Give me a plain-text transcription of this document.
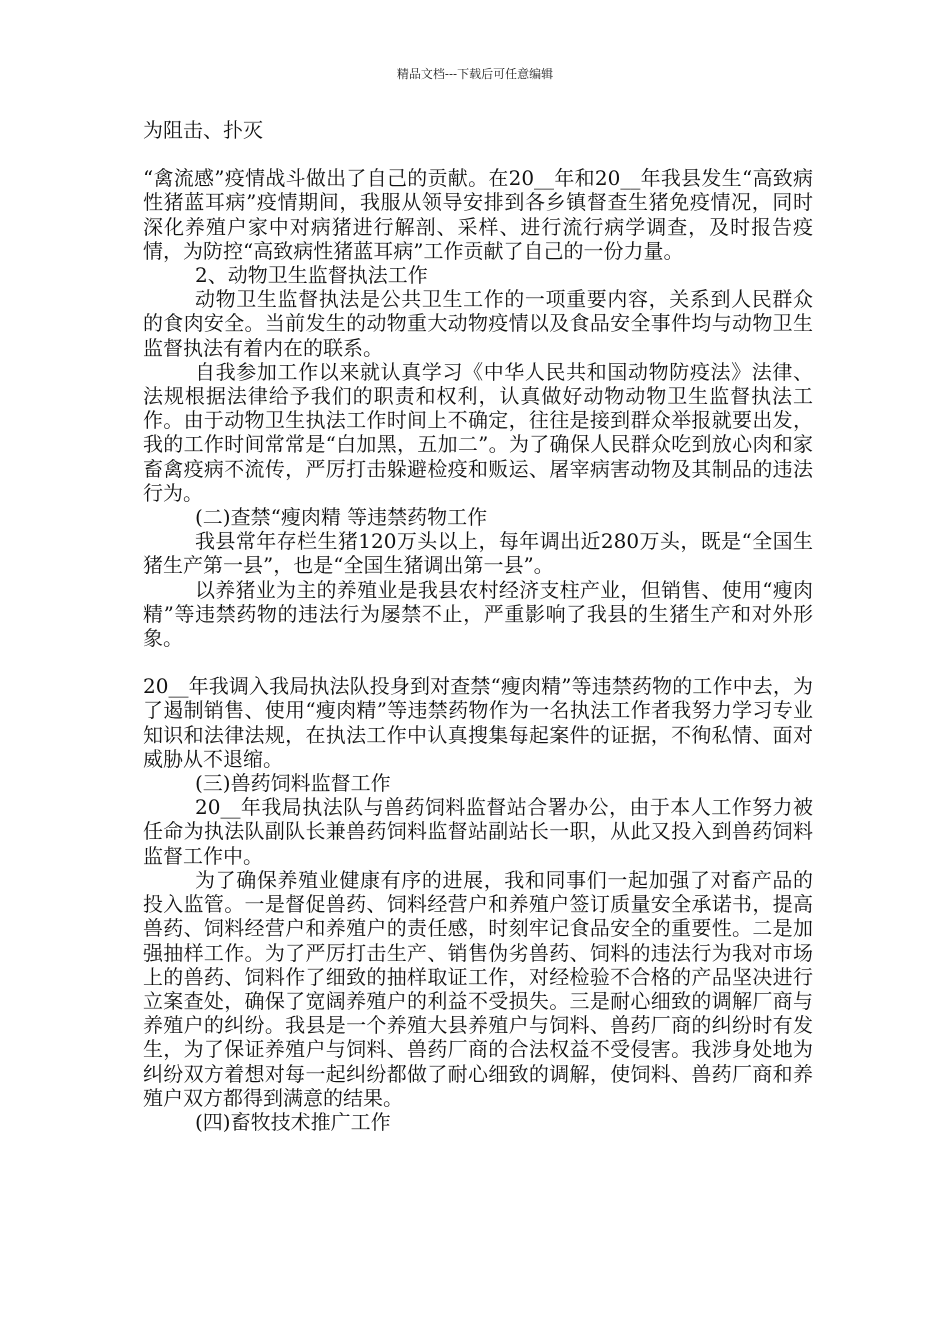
精品文档---下载后可任意编辑

为阻击、扑灭

“禽流感”疫情战斗做出了自己的贡献。在20__年和20__年我县发生“高致病性猪蓝耳病”疫情期间，我服从领导安排到各乡镇督查生猪免疫情况，同时深化养殖户家中对病猪进行解剖、采样、进行流行病学调查，及时报告疫情，为防控“高致病性猪蓝耳病”工作贡献了自己的一份力量。

2、动物卫生监督执法工作

动物卫生监督执法是公共卫生工作的一项重要内容，关系到人民群众的食肉安全。当前发生的动物重大动物疫情以及食品安全事件均与动物卫生监督执法有着内在的联系。

自我参加工作以来就认真学习《中华人民共和国动物防疫法》法律、法规根据法律给予我们的职责和权利，认真做好动物动物卫生监督执法工作。由于动物卫生执法工作时间上不确定，往往是接到群众举报就要出发，我的工作时间常常是“白加黑，五加二”。为了确保人民群众吃到放心肉和家畜禽疫病不流传，严厉打击躲避检疫和贩运、屠宰病害动物及其制品的违法行为。

(二)查禁“瘦肉精 等违禁药物工作

我县常年存栏生猪120万头以上，每年调出近280万头，既是“全国生猪生产第一县”，也是“全国生猪调出第一县”。

以养猪业为主的养殖业是我县农村经济支柱产业，但销售、使用“瘦肉精”等违禁药物的违法行为屡禁不止，严重影响了我县的生猪生产和对外形象。

20__年我调入我局执法队投身到对查禁“瘦肉精”等违禁药物的工作中去，为了遏制销售、使用“瘦肉精”等违禁药物作为一名执法工作者我努力学习专业知识和法律法规，在执法工作中认真搜集每起案件的证据，不徇私情、面对威胁从不退缩。

(三)兽药饲料监督工作

20__年我局执法队与兽药饲料监督站合署办公，由于本人工作努力被任命为执法队副队长兼兽药饲料监督站副站长一职，从此又投入到兽药饲料监督工作中。

为了确保养殖业健康有序的进展，我和同事们一起加强了对畜产品的投入监管。一是督促兽药、饲料经营户和养殖户签订质量安全承诺书，提高兽药、饲料经营户和养殖户的责任感，时刻牢记食品安全的重要性。二是加强抽样工作。为了严厉打击生产、销售伪劣兽药、饲料的违法行为我对市场上的兽药、饲料作了细致的抽样取证工作，对经检验不合格的产品坚决进行立案查处，确保了宽阔养殖户的利益不受损失。三是耐心细致的调解厂商与养殖户的纠纷。我县是一个养殖大县养殖户与饲料、兽药厂商的纠纷时有发生，为了保证养殖户与饲料、兽药厂商的合法权益不受侵害。我涉身处地为纠纷双方着想对每一起纠纷都做了耐心细致的调解，使饲料、兽药厂商和养殖户双方都得到满意的结果。

(四)畜牧技术推广工作
